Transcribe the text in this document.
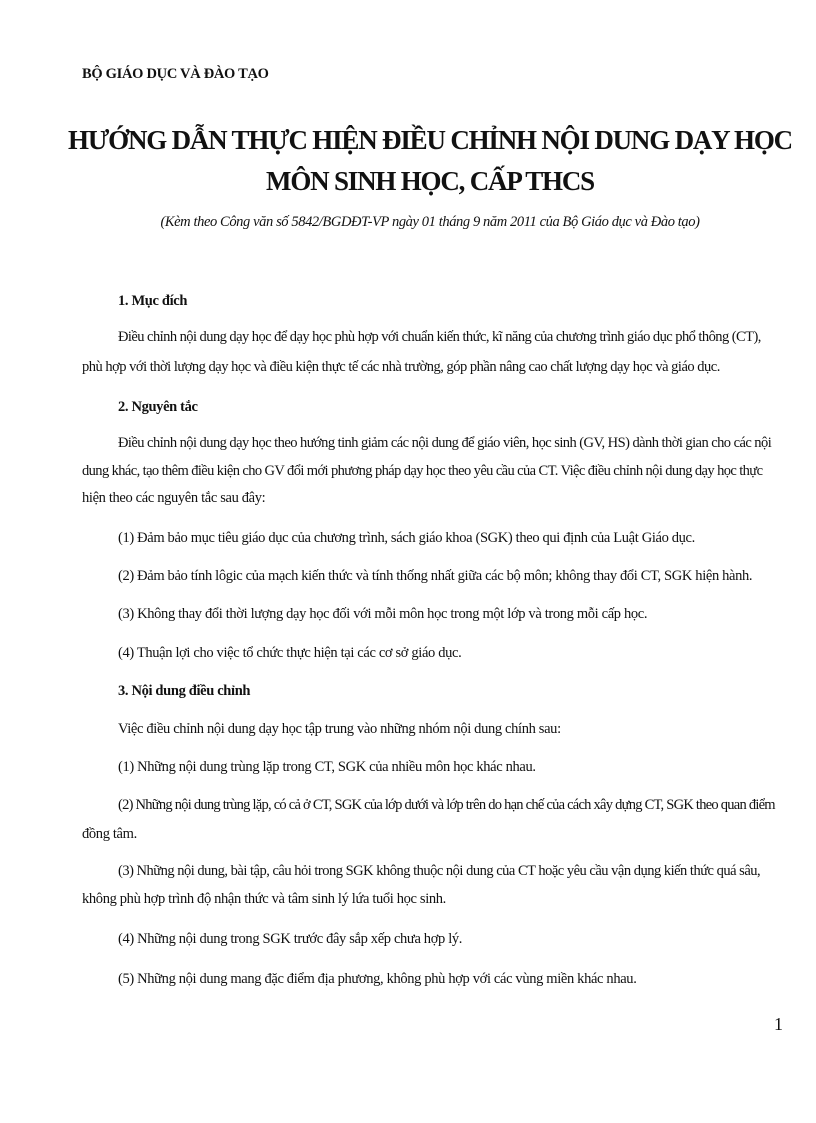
BỘ GIÁO DỤC VÀ ĐÀO TẠO
HƯỚNG DẪN THỰC HIỆN ĐIỀU CHỈNH NỘI DUNG DẠY HỌC
MÔN SINH HỌC, CẤP THCS
(Kèm theo Công văn số 5842/BGDĐT-VP ngày 01 tháng 9 năm 2011 của Bộ Giáo dục và Đào tạo)
1. Mục đích
Điều chỉnh nội dung dạy học để dạy học phù hợp với chuẩn kiến thức, kĩ năng của chương trình giáo dục phổ thông (CT),
phù hợp với thời lượng dạy học và điều kiện thực tế các nhà trường, góp phần nâng cao chất lượng dạy học và giáo dục.
2. Nguyên tắc
Điều chỉnh nội dung dạy học theo hướng tinh giảm các nội dung để giáo viên, học sinh (GV, HS) dành thời gian cho các nội
dung khác, tạo thêm điều kiện cho GV đổi mới phương pháp dạy học theo yêu cầu của CT. Việc điều chỉnh nội dung dạy học thực
hiện theo các nguyên tắc sau đây:
(1) Đảm bảo mục tiêu giáo dục của chương trình, sách giáo khoa (SGK) theo qui định của Luật Giáo dục.
(2) Đảm bảo tính lôgic của mạch kiến thức và tính thống nhất giữa các bộ môn; không thay đổi CT, SGK hiện hành.
(3) Không thay đổi thời lượng dạy học đối với mỗi môn học trong một lớp và trong mỗi cấp học.
(4) Thuận lợi cho việc tổ chức thực hiện tại các cơ sở giáo dục.
3. Nội dung điều chỉnh
Việc điều chỉnh nội dung dạy học tập trung vào những nhóm nội dung chính sau:
(1) Những nội dung trùng lặp trong CT, SGK của nhiều môn học khác nhau.
(2) Những nội dung trùng lặp, có cả ở CT, SGK của lớp dưới và lớp trên do hạn chế của cách xây dựng CT, SGK theo quan điểm
đồng tâm.
(3) Những nội dung, bài tập, câu hỏi trong SGK không thuộc nội dung của CT hoặc yêu cầu vận dụng kiến thức quá sâu,
không phù hợp trình độ nhận thức và tâm sinh lý lứa tuổi học sinh.
(4) Những nội dung trong SGK trước đây sắp xếp chưa hợp lý.
(5) Những nội dung mang đặc điểm địa phương, không phù hợp với các vùng miền khác nhau.
1
